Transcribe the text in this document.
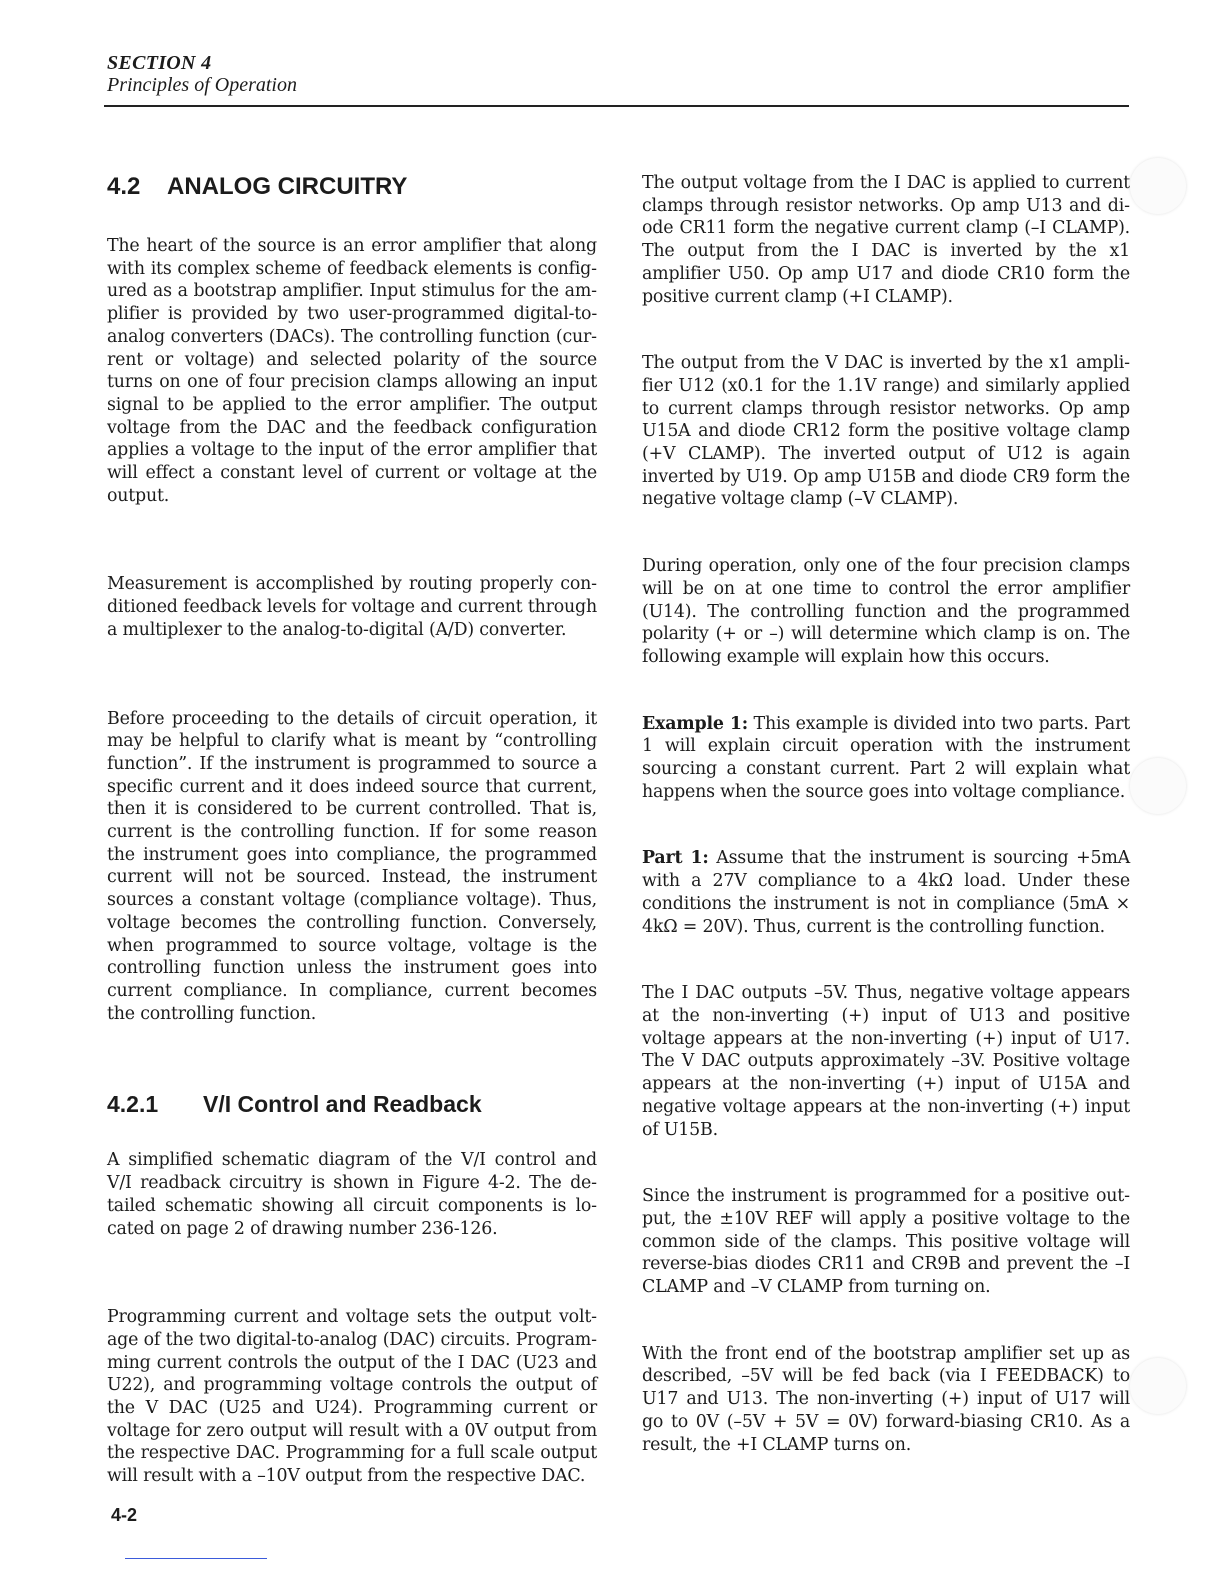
SECTION 4
Principles of Operation
4.2 ANALOG CIRCUITRY

The heart of the source is an error amplifier that along with its complex scheme of feedback elements is configured as a bootstrap amplifier. Input stimulus for the amplifier is provided by two user-programmed digital-to-analog converters (DACs). The controlling function (current or voltage) and selected polarity of the source turns on one of four precision clamps allowing an input signal to be applied to the error amplifier. The output voltage from the DAC and the feedback configuration applies a voltage to the input of the error amplifier that will effect a constant level of current or voltage at the output.

Measurement is accomplished by routing properly conditioned feedback levels for voltage and current through a multiplexer to the analog-to-digital (A/D) converter.

Before proceeding to the details of circuit operation, it may be helpful to clarify what is meant by “controlling function”. If the instrument is programmed to source a specific current and it does indeed source that current, then it is considered to be current controlled. That is, current is the controlling function. If for some reason the instrument goes into compliance, the programmed current will not be sourced. Instead, the instrument sources a constant voltage (compliance voltage). Thus, voltage becomes the controlling function. Conversely, when programmed to source voltage, voltage is the controlling function unless the instrument goes into current compliance. In compliance, current becomes the controlling function.

4.2.1 V/I Control and Readback

A simplified schematic diagram of the V/I control and V/I readback circuitry is shown in Figure 4-2. The detailed schematic showing all circuit components is located on page 2 of drawing number 236-126.

Programming current and voltage sets the output voltage of the two digital-to-analog (DAC) circuits. Programming current controls the output of the I DAC (U23 and U22), and programming voltage controls the output of the V DAC (U25 and U24). Programming current or voltage for zero output will result with a 0V output from the respective DAC. Programming for a full scale output will result with a –10V output from the respective DAC.

The output voltage from the I DAC is applied to current clamps through resistor networks. Op amp U13 and diode CR11 form the negative current clamp (–I CLAMP). The output from the I DAC is inverted by the x1 amplifier U50. Op amp U17 and diode CR10 form the positive current clamp (+I CLAMP).

The output from the V DAC is inverted by the x1 amplifier U12 (x0.1 for the 1.1V range) and similarly applied to current clamps through resistor networks. Op amp U15A and diode CR12 form the positive voltage clamp (+V CLAMP). The inverted output of U12 is again inverted by U19. Op amp U15B and diode CR9 form the negative voltage clamp (–V CLAMP).

During operation, only one of the four precision clamps will be on at one time to control the error amplifier (U14). The controlling function and the programmed polarity (+ or –) will determine which clamp is on. The following example will explain how this occurs.

Example 1: This example is divided into two parts. Part 1 will explain circuit operation with the instrument sourcing a constant current. Part 2 will explain what happens when the source goes into voltage compliance.

Part 1: Assume that the instrument is sourcing +5mA with a 27V compliance to a 4kΩ load. Under these conditions the instrument is not in compliance (5mA × 4kΩ = 20V). Thus, current is the controlling function.

The I DAC outputs –5V. Thus, negative voltage appears at the non-inverting (+) input of U13 and positive voltage appears at the non-inverting (+) input of U17. The V DAC outputs approximately –3V. Positive voltage appears at the non-inverting (+) input of U15A and negative voltage appears at the non-inverting (+) input of U15B.

Since the instrument is programmed for a positive output, the ±10V REF will apply a positive voltage to the common side of the clamps. This positive voltage will reverse-bias diodes CR11 and CR9B and prevent the –I CLAMP and –V CLAMP from turning on.

With the front end of the bootstrap amplifier set up as described, –5V will be fed back (via I FEEDBACK) to U17 and U13. The non-inverting (+) input of U17 will go to 0V (–5V + 5V = 0V) forward-biasing CR10. As a result, the +I CLAMP turns on.

4-2
